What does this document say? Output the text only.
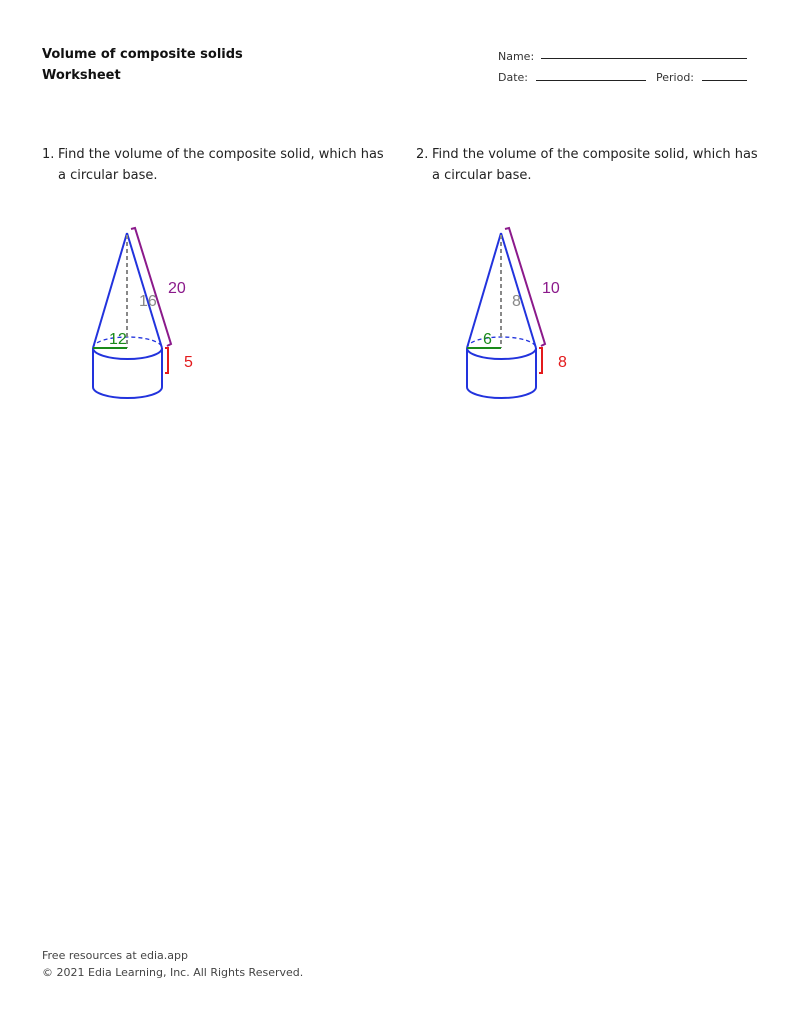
Volume of composite solids
Worksheet
Name:
Date:	Period:
1. Find the volume of the composite solid, which has
a circular base.
16
20
12
5
2. Find the volume of the composite solid, which has
a circular base.
8
10
6
8
Free resources at edia.app
© 2021 Edia Learning, Inc. All Rights Reserved.
